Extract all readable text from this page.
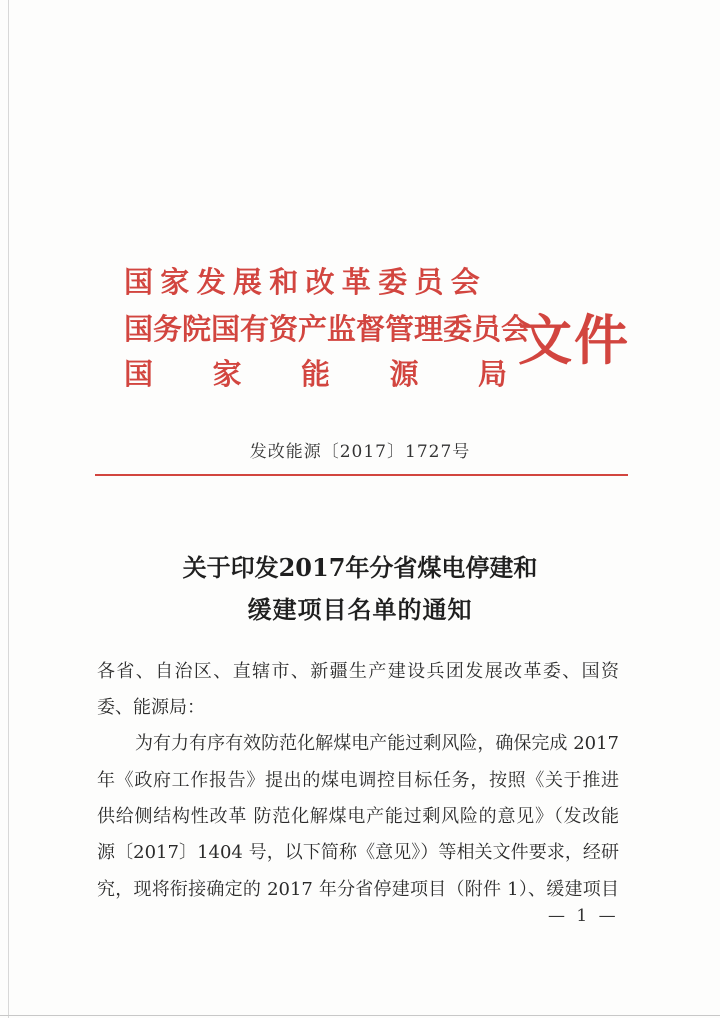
国家发展和改革委员会
国务院国有资产监督管理委员会
国 家 能 源 局
文件
发改能源〔2017〕1727号
关于印发2017年分省煤电停建和
缓建项目名单的通知
各省、自治区、直辖市、新疆生产建设兵团发展改革委、国资
委、能源局：
为有力有序有效防范化解煤电产能过剩风险，确保完成 2017
年《政府工作报告》提出的煤电调控目标任务，按照《关于推进
供给侧结构性改革 防范化解煤电产能过剩风险的意见》（发改能
源〔2017〕1404 号，以下简称《意见》）等相关文件要求，经研
究，现将衔接确定的 2017 年分省停建项目（附件 1）、缓建项目
— 1 —
